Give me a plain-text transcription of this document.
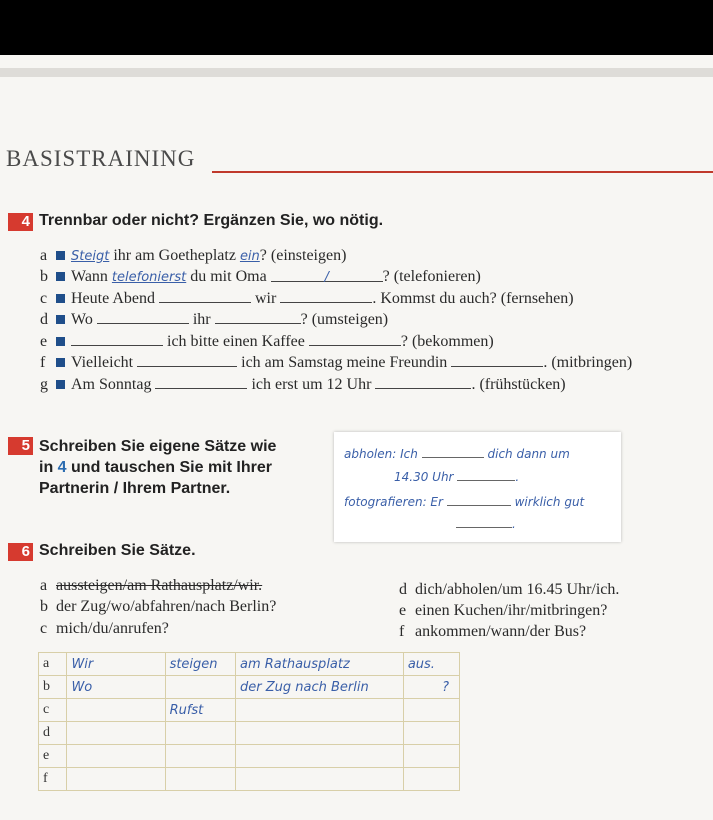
BASISTRAINING
4 Trennbar oder nicht? Ergänzen Sie, wo nötig.
a Steigt ihr am Goetheplatz ein? (einsteigen)
b Wann telefonierst du mit Oma	/	? (telefonieren)
c Heute Abend	wir	. Kommst du auch? (fernsehen)
d Wo	ihr	? (umsteigen)
e	ich bitte einen Kaffee	? (bekommen)
f Vielleicht	ich am Samstag meine Freundin	. (mitbringen)
g Am Sonntag	ich erst um 12 Uhr	. (frühstücken)
5 Schreiben Sie eigene Sätze wie
in 4 und tauschen Sie mit Ihrer
Partnerin / Ihrem Partner.
abholen: Ich	dich dann um
14.30 Uhr	.
fotografieren: Er	wirklich gut
.
6 Schreiben Sie Sätze.
a aussteigen/am Rathausplatz/wir.
b der Zug/wo/abfahren/nach Berlin?
c mich/du/anrufen?
d dich/abholen/um 16.45 Uhr/ich.
e einen Kuchen/ihr/mitbringen?
f ankommen/wann/der Bus?
a	Wir	steigen	am Rathausplatz	aus.
b	Wo		der Zug nach Berlin	?
c		Rufst		
d				
e				
f				
